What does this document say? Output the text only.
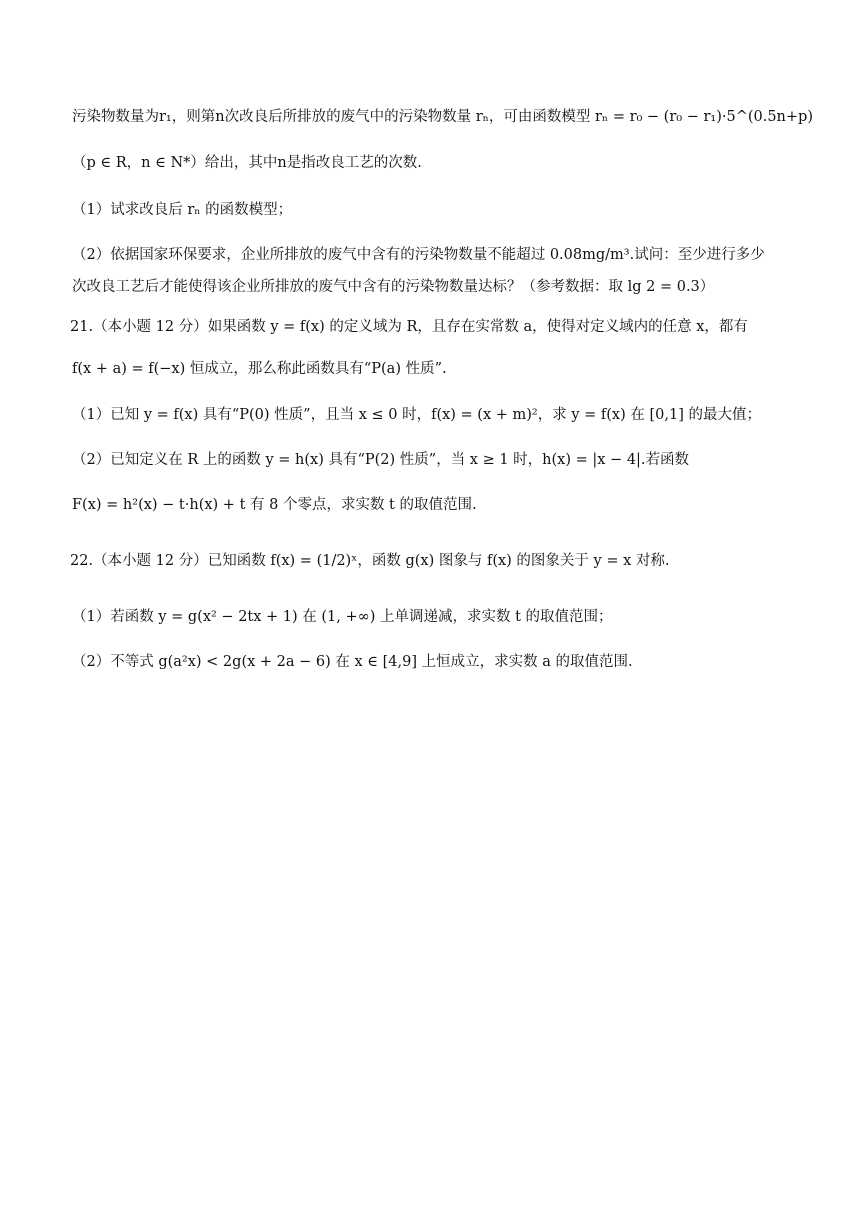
污染物数量为r₁，则第n次改良后所排放的废气中的污染物数量 rₙ，可由函数模型 rₙ = r₀ − (r₀ − r₁)·5^(0.5n+p)
（p ∈ R，n ∈ N*）给出，其中n是指改良工艺的次数.
（1）试求改良后 rₙ 的函数模型；
（2）依据国家环保要求，企业所排放的废气中含有的污染物数量不能超过 0.08mg/m³.试问：至少进行多少
次改良工艺后才能使得该企业所排放的废气中含有的污染物数量达标？（参考数据：取 lg 2 = 0.3）
21.（本小题 12 分）如果函数 y = f(x) 的定义域为 R，且存在实常数 a，使得对定义域内的任意 x，都有
f(x + a) = f(−x) 恒成立，那么称此函数具有“P(a) 性质”.
（1）已知 y = f(x) 具有“P(0) 性质”，且当 x ≤ 0 时，f(x) = (x + m)²，求 y = f(x) 在 [0,1] 的最大值；
（2）已知定义在 R 上的函数 y = h(x) 具有“P(2) 性质”，当 x ≥ 1 时，h(x) = |x − 4|.若函数
F(x) = h²(x) − t·h(x) + t 有 8 个零点，求实数 t 的取值范围.
22.（本小题 12 分）已知函数 f(x) = (1/2)ˣ，函数 g(x) 图象与 f(x) 的图象关于 y = x 对称.
（1）若函数 y = g(x² − 2tx + 1) 在 (1, +∞) 上单调递减，求实数 t 的取值范围；
（2）不等式 g(a²x) < 2g(x + 2a − 6) 在 x ∈ [4,9] 上恒成立，求实数 a 的取值范围.
